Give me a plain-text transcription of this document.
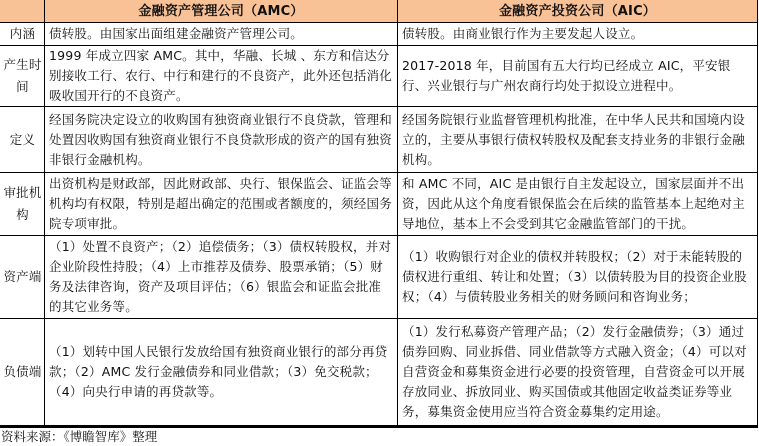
	金融资产管理公司（AMC）	金融资产投资公司（AIC）
内涵	债转股。由国家出面组建金融资产管理公司。	债转股。由商业银行作为主要发起人设立。
产生时间	1999 年成立四家 AMC。其中，华融、长城 、东方和信达分别接收工行、农行、中行和建行的不良资产，此外还包括消化吸收国开行的不良资产。	2017-2018 年，目前国有五大行均已经成立 AIC，平安银行、兴业银行与广州农商行均处于拟设立进程中。
定义	经国务院决定设立的收购国有独资商业银行不良贷款，管理和处置因收购国有独资商业银行不良贷款形成的资产的国有独资非银行金融机构。	经国务院银行业监督管理机构批准，在中华人民共和国境内设立的，主要从事银行债权转股权及配套支持业务的非银行金融机构。
审批机构	出资机构是财政部，因此财政部、央行、银保监会、证监会等机构均有权限，特别是超出确定的范围或者额度的，须经国务院专项审批。	和 AMC 不同，AIC 是由银行自主发起设立，国家层面并不出资，因此从这个角度看银保监会在后续的监管基本上起绝对主导地位，基本上不会受到其它金融监管部门的干扰。
资产端	（1）处置不良资产；（2）追偿债务；（3）债权转股权，并对企业阶段性持股；（4）上市推荐及债券、股票承销；（5）财务及法律咨询，资产及项目评估；（6）银监会和证监会批准的其它业务等。	（1）收购银行对企业的债权并转股权；（2）对于未能转股的债权进行重组、转让和处置；（3）以债转股为目的投资企业股权；（4）与债转股业务相关的财务顾问和咨询业务；
负债端	（1）划转中国人民银行发放给国有独资商业银行的部分再贷款；（2）AMC 发行金融债券和同业借款；（3）免交税款；（4）向央行申请的再贷款等。	（1）发行私募资产管理产品；（2）发行金融债券；（3）通过债券回购、同业拆借、同业借款等方式融入资金；（4）可以对自营资金和募集资金进行必要的投资管理，自营资金可以开展存放同业、拆放同业、购买国债或其他固定收益类证券等业务，募集资金使用应当符合资金募集约定用途。
资料来源：《博瞻智库》整理
